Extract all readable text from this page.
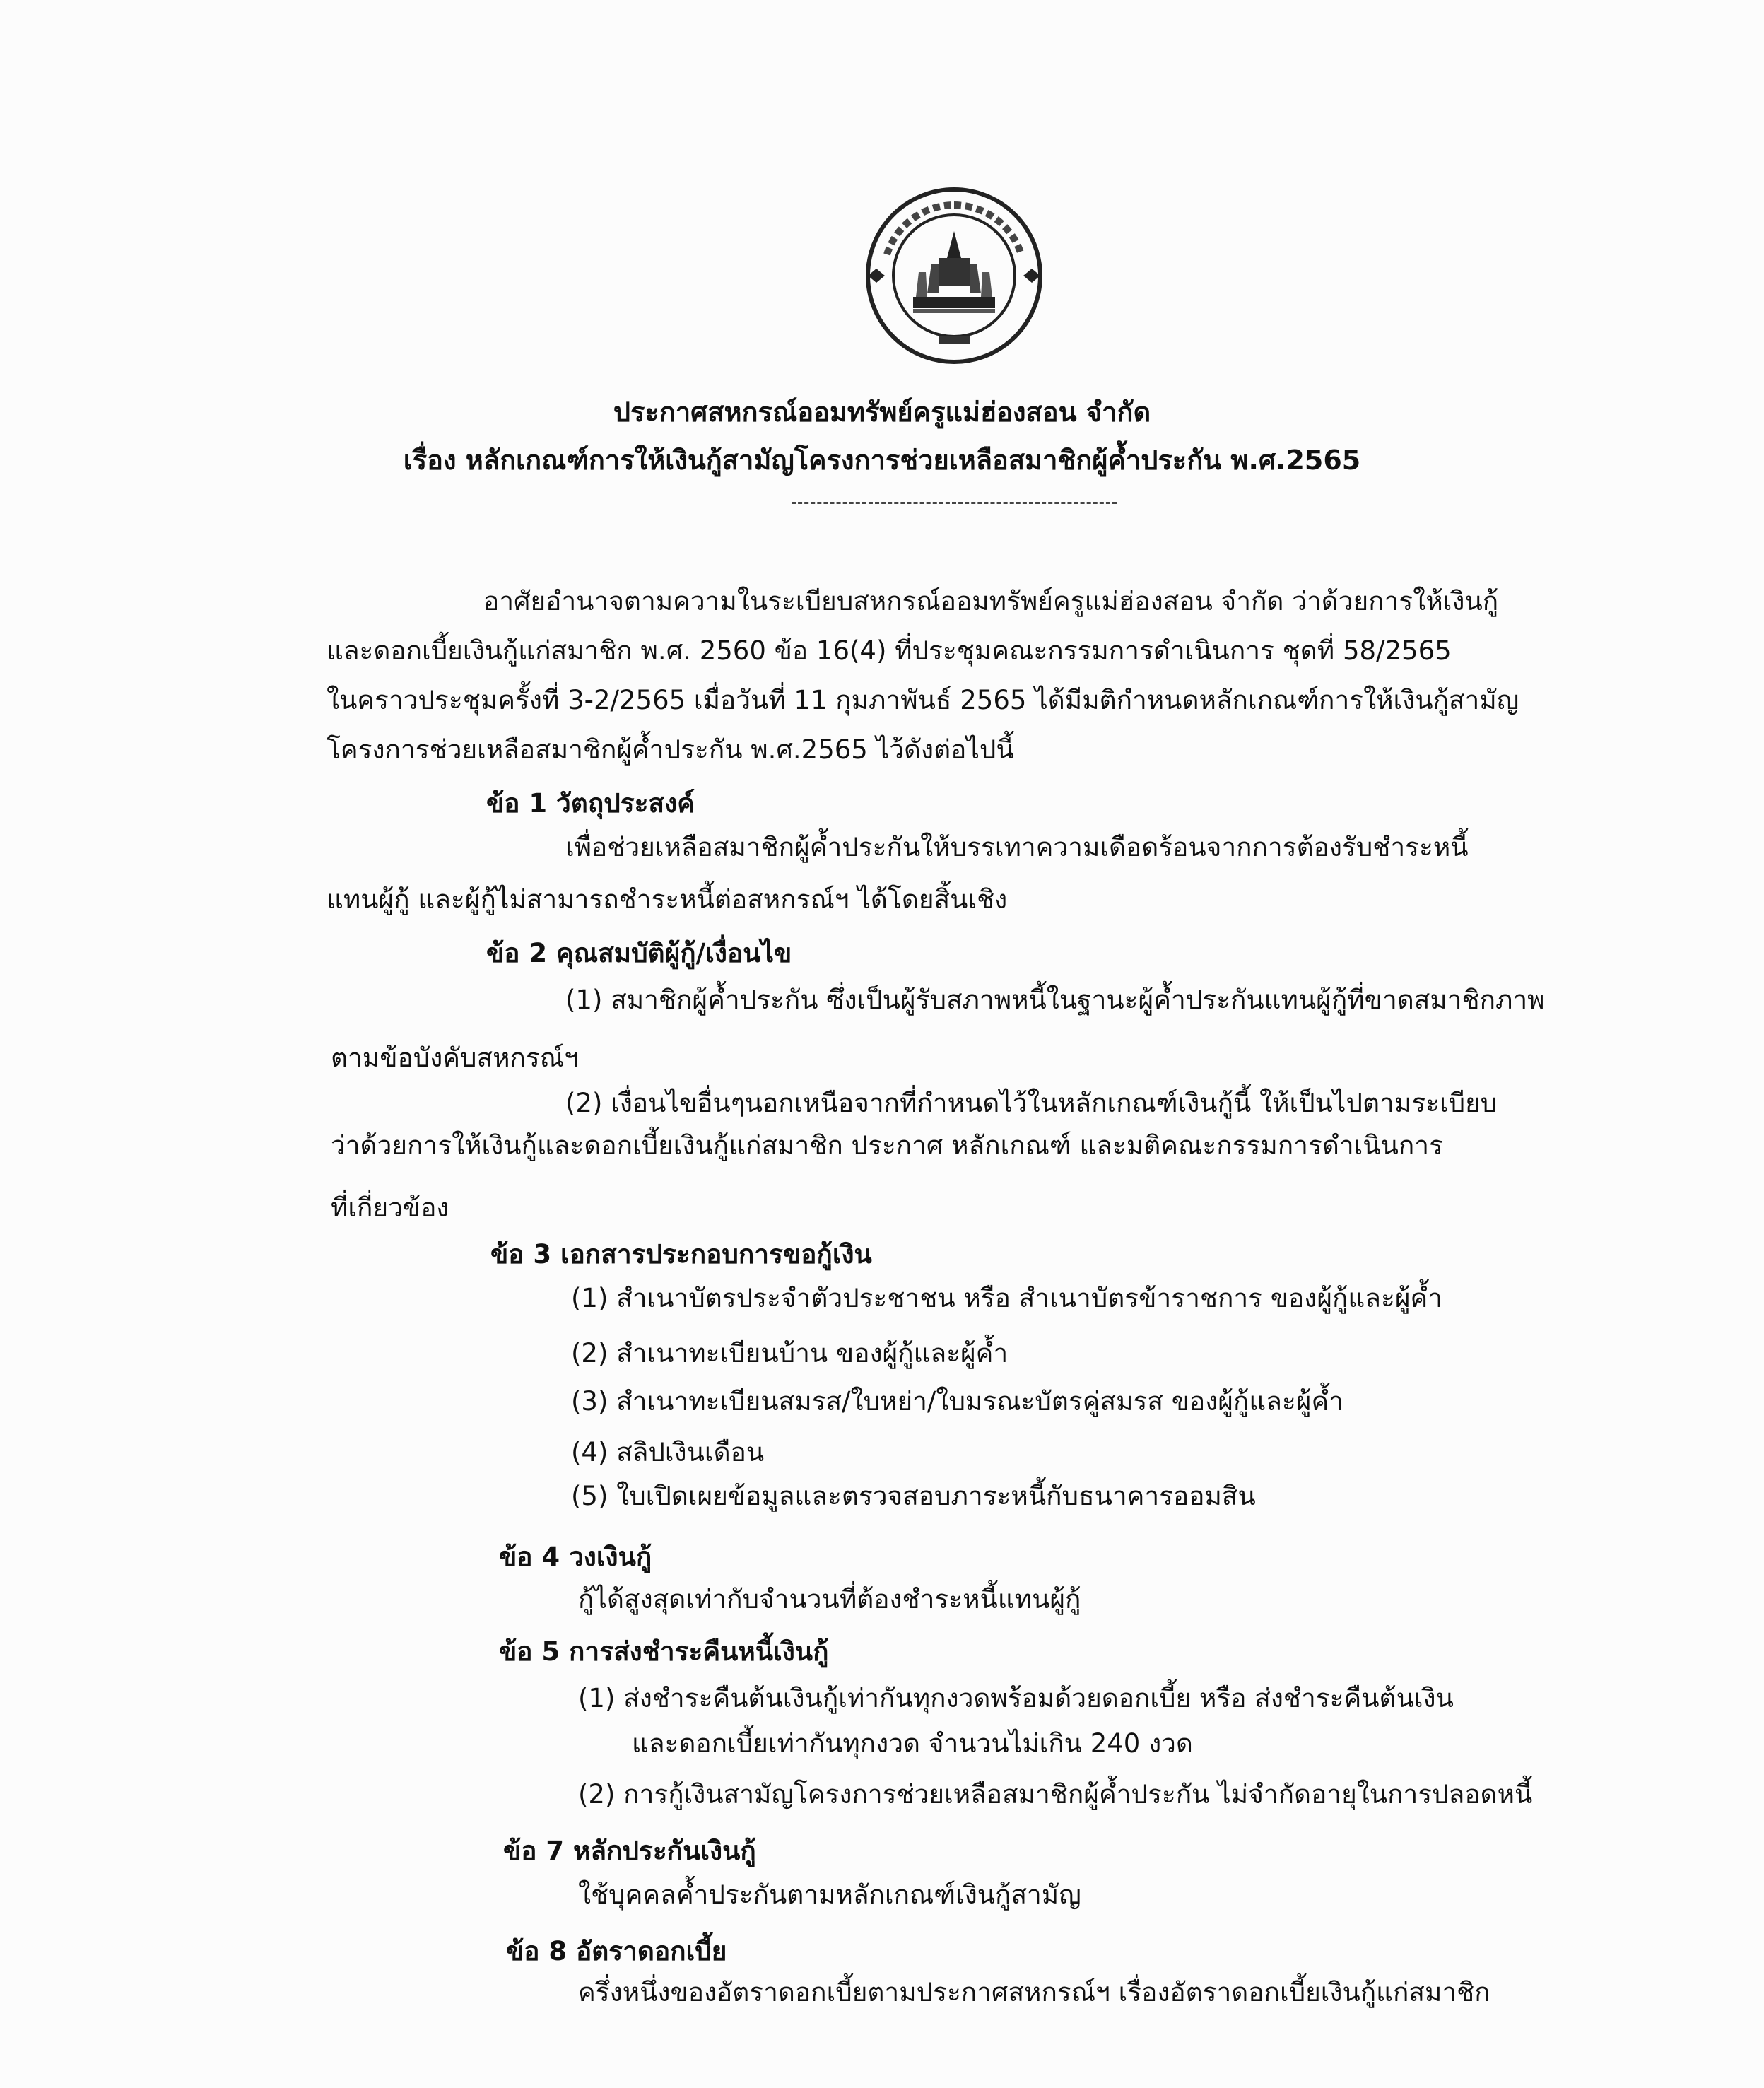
ประกาศสหกรณ์ออมทรัพย์ครูแม่ฮ่องสอน จำกัด
เรื่อง หลักเกณฑ์การให้เงินกู้สามัญโครงการช่วยเหลือสมาชิกผู้ค้ำประกัน พ.ศ.2565
อาศัยอำนาจตามความในระเบียบสหกรณ์ออมทรัพย์ครูแม่ฮ่องสอน จำกัด ว่าด้วยการให้เงินกู้
และดอกเบี้ยเงินกู้แก่สมาชิก พ.ศ. 2560 ข้อ 16(4) ที่ประชุมคณะกรรมการดำเนินการ ชุดที่ 58/2565
ในคราวประชุมครั้งที่ 3-2/2565 เมื่อวันที่ 11 กุมภาพันธ์ 2565 ได้มีมติกำหนดหลักเกณฑ์การให้เงินกู้สามัญ
โครงการช่วยเหลือสมาชิกผู้ค้ำประกัน พ.ศ.2565 ไว้ดังต่อไปนี้
ข้อ 1 วัตถุประสงค์
เพื่อช่วยเหลือสมาชิกผู้ค้ำประกันให้บรรเทาความเดือดร้อนจากการต้องรับชำระหนี้
แทนผู้กู้ และผู้กู้ไม่สามารถชำระหนี้ต่อสหกรณ์ฯ ได้โดยสิ้นเชิง
ข้อ 2 คุณสมบัติผู้กู้/เงื่อนไข
(1) สมาชิกผู้ค้ำประกัน ซึ่งเป็นผู้รับสภาพหนี้ในฐานะผู้ค้ำประกันแทนผู้กู้ที่ขาดสมาชิกภาพ
ตามข้อบังคับสหกรณ์ฯ
(2) เงื่อนไขอื่นๆนอกเหนือจากที่กำหนดไว้ในหลักเกณฑ์เงินกู้นี้ ให้เป็นไปตามระเบียบ
ว่าด้วยการให้เงินกู้และดอกเบี้ยเงินกู้แก่สมาชิก ประกาศ หลักเกณฑ์ และมติคณะกรรมการดำเนินการ
ที่เกี่ยวข้อง
ข้อ 3 เอกสารประกอบการขอกู้เงิน
(1) สำเนาบัตรประจำตัวประชาชน หรือ สำเนาบัตรข้าราชการ ของผู้กู้และผู้ค้ำ
(2) สำเนาทะเบียนบ้าน ของผู้กู้และผู้ค้ำ
(3) สำเนาทะเบียนสมรส/ใบหย่า/ใบมรณะบัตรคู่สมรส ของผู้กู้และผู้ค้ำ
(4) สลิปเงินเดือน
(5) ใบเปิดเผยข้อมูลและตรวจสอบภาระหนี้กับธนาคารออมสิน
ข้อ 4 วงเงินกู้
กู้ได้สูงสุดเท่ากับจำนวนที่ต้องชำระหนี้แทนผู้กู้
ข้อ 5 การส่งชำระคืนหนี้เงินกู้
(1) ส่งชำระคืนต้นเงินกู้เท่ากันทุกงวดพร้อมด้วยดอกเบี้ย หรือ ส่งชำระคืนต้นเงิน
และดอกเบี้ยเท่ากันทุกงวด จำนวนไม่เกิน 240 งวด
(2) การกู้เงินสามัญโครงการช่วยเหลือสมาชิกผู้ค้ำประกัน ไม่จำกัดอายุในการปลอดหนี้
ข้อ 7 หลักประกันเงินกู้
ใช้บุคคลค้ำประกันตามหลักเกณฑ์เงินกู้สามัญ
ข้อ 8 อัตราดอกเบี้ย
ครึ่งหนึ่งของอัตราดอกเบี้ยตามประกาศสหกรณ์ฯ เรื่องอัตราดอกเบี้ยเงินกู้แก่สมาชิก
